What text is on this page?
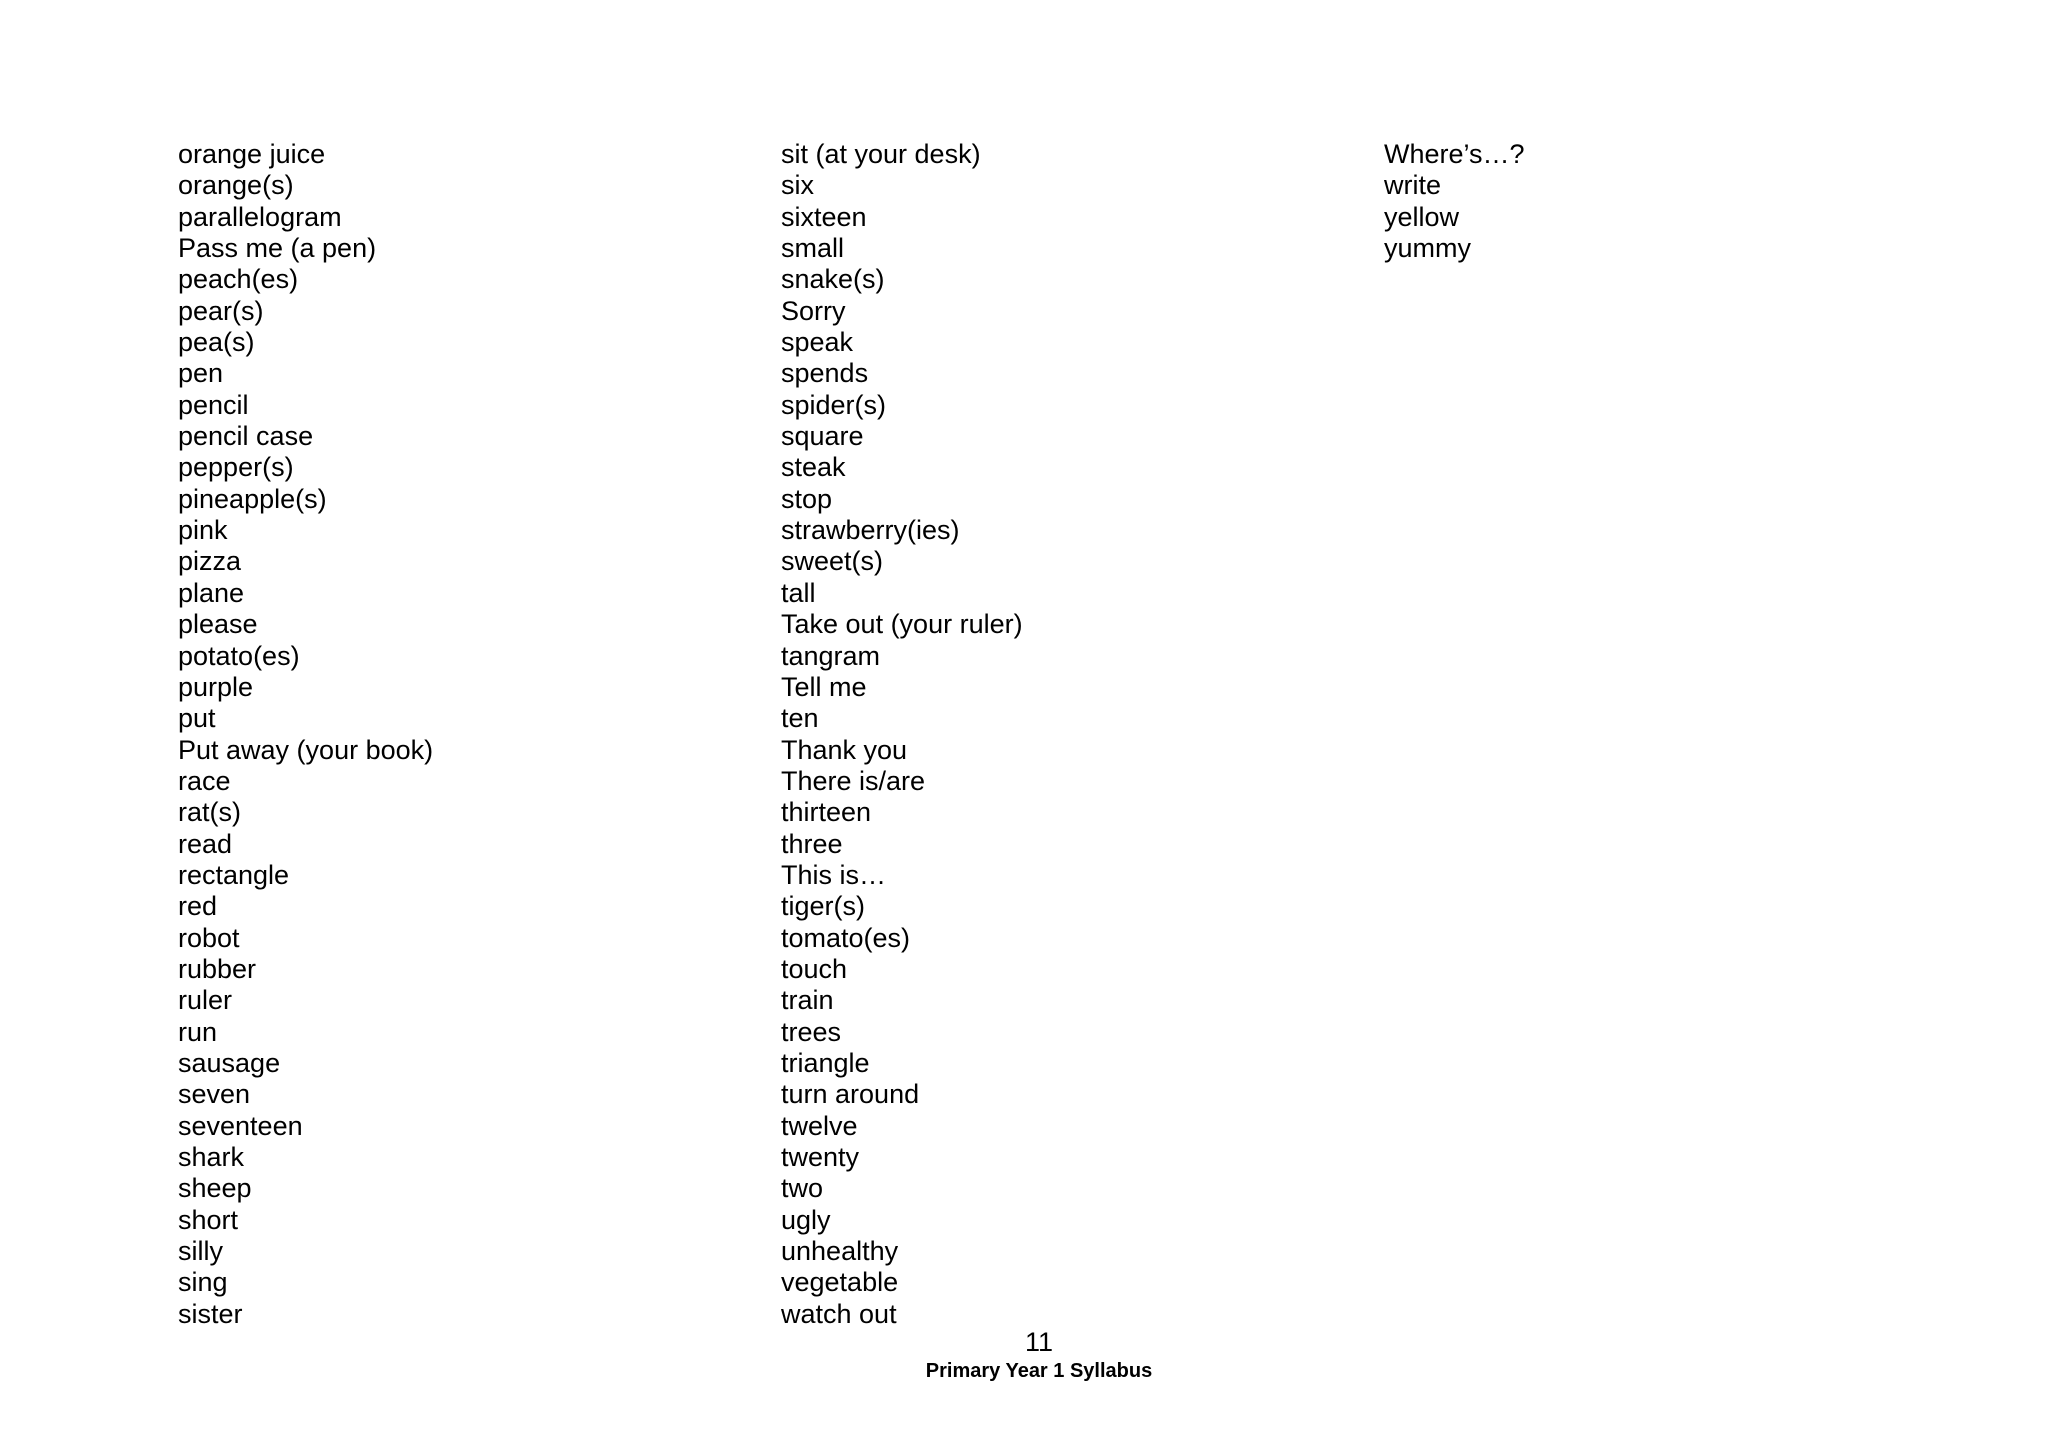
orange juice
orange(s)
parallelogram
Pass me (a pen)
peach(es)
pear(s)
pea(s)
pen
pencil
pencil case
pepper(s)
pineapple(s)
pink
pizza
plane
please
potato(es)
purple
put
Put away (your book)
race
rat(s)
read
rectangle
red
robot
rubber
ruler
run
sausage
seven
seventeen
shark
sheep
short
silly
sing
sister
sit (at your desk)
six
sixteen
small
snake(s)
Sorry
speak
spends
spider(s)
square
steak
stop
strawberry(ies)
sweet(s)
tall
Take out (your ruler)
tangram
Tell me
ten
Thank you
There is/are
thirteen
three
This is…
tiger(s)
tomato(es)
touch
train
trees
triangle
turn around
twelve
twenty
two
ugly
unhealthy
vegetable
watch out
Where’s…?
write
yellow
yummy
11
Primary Year 1 Syllabus
